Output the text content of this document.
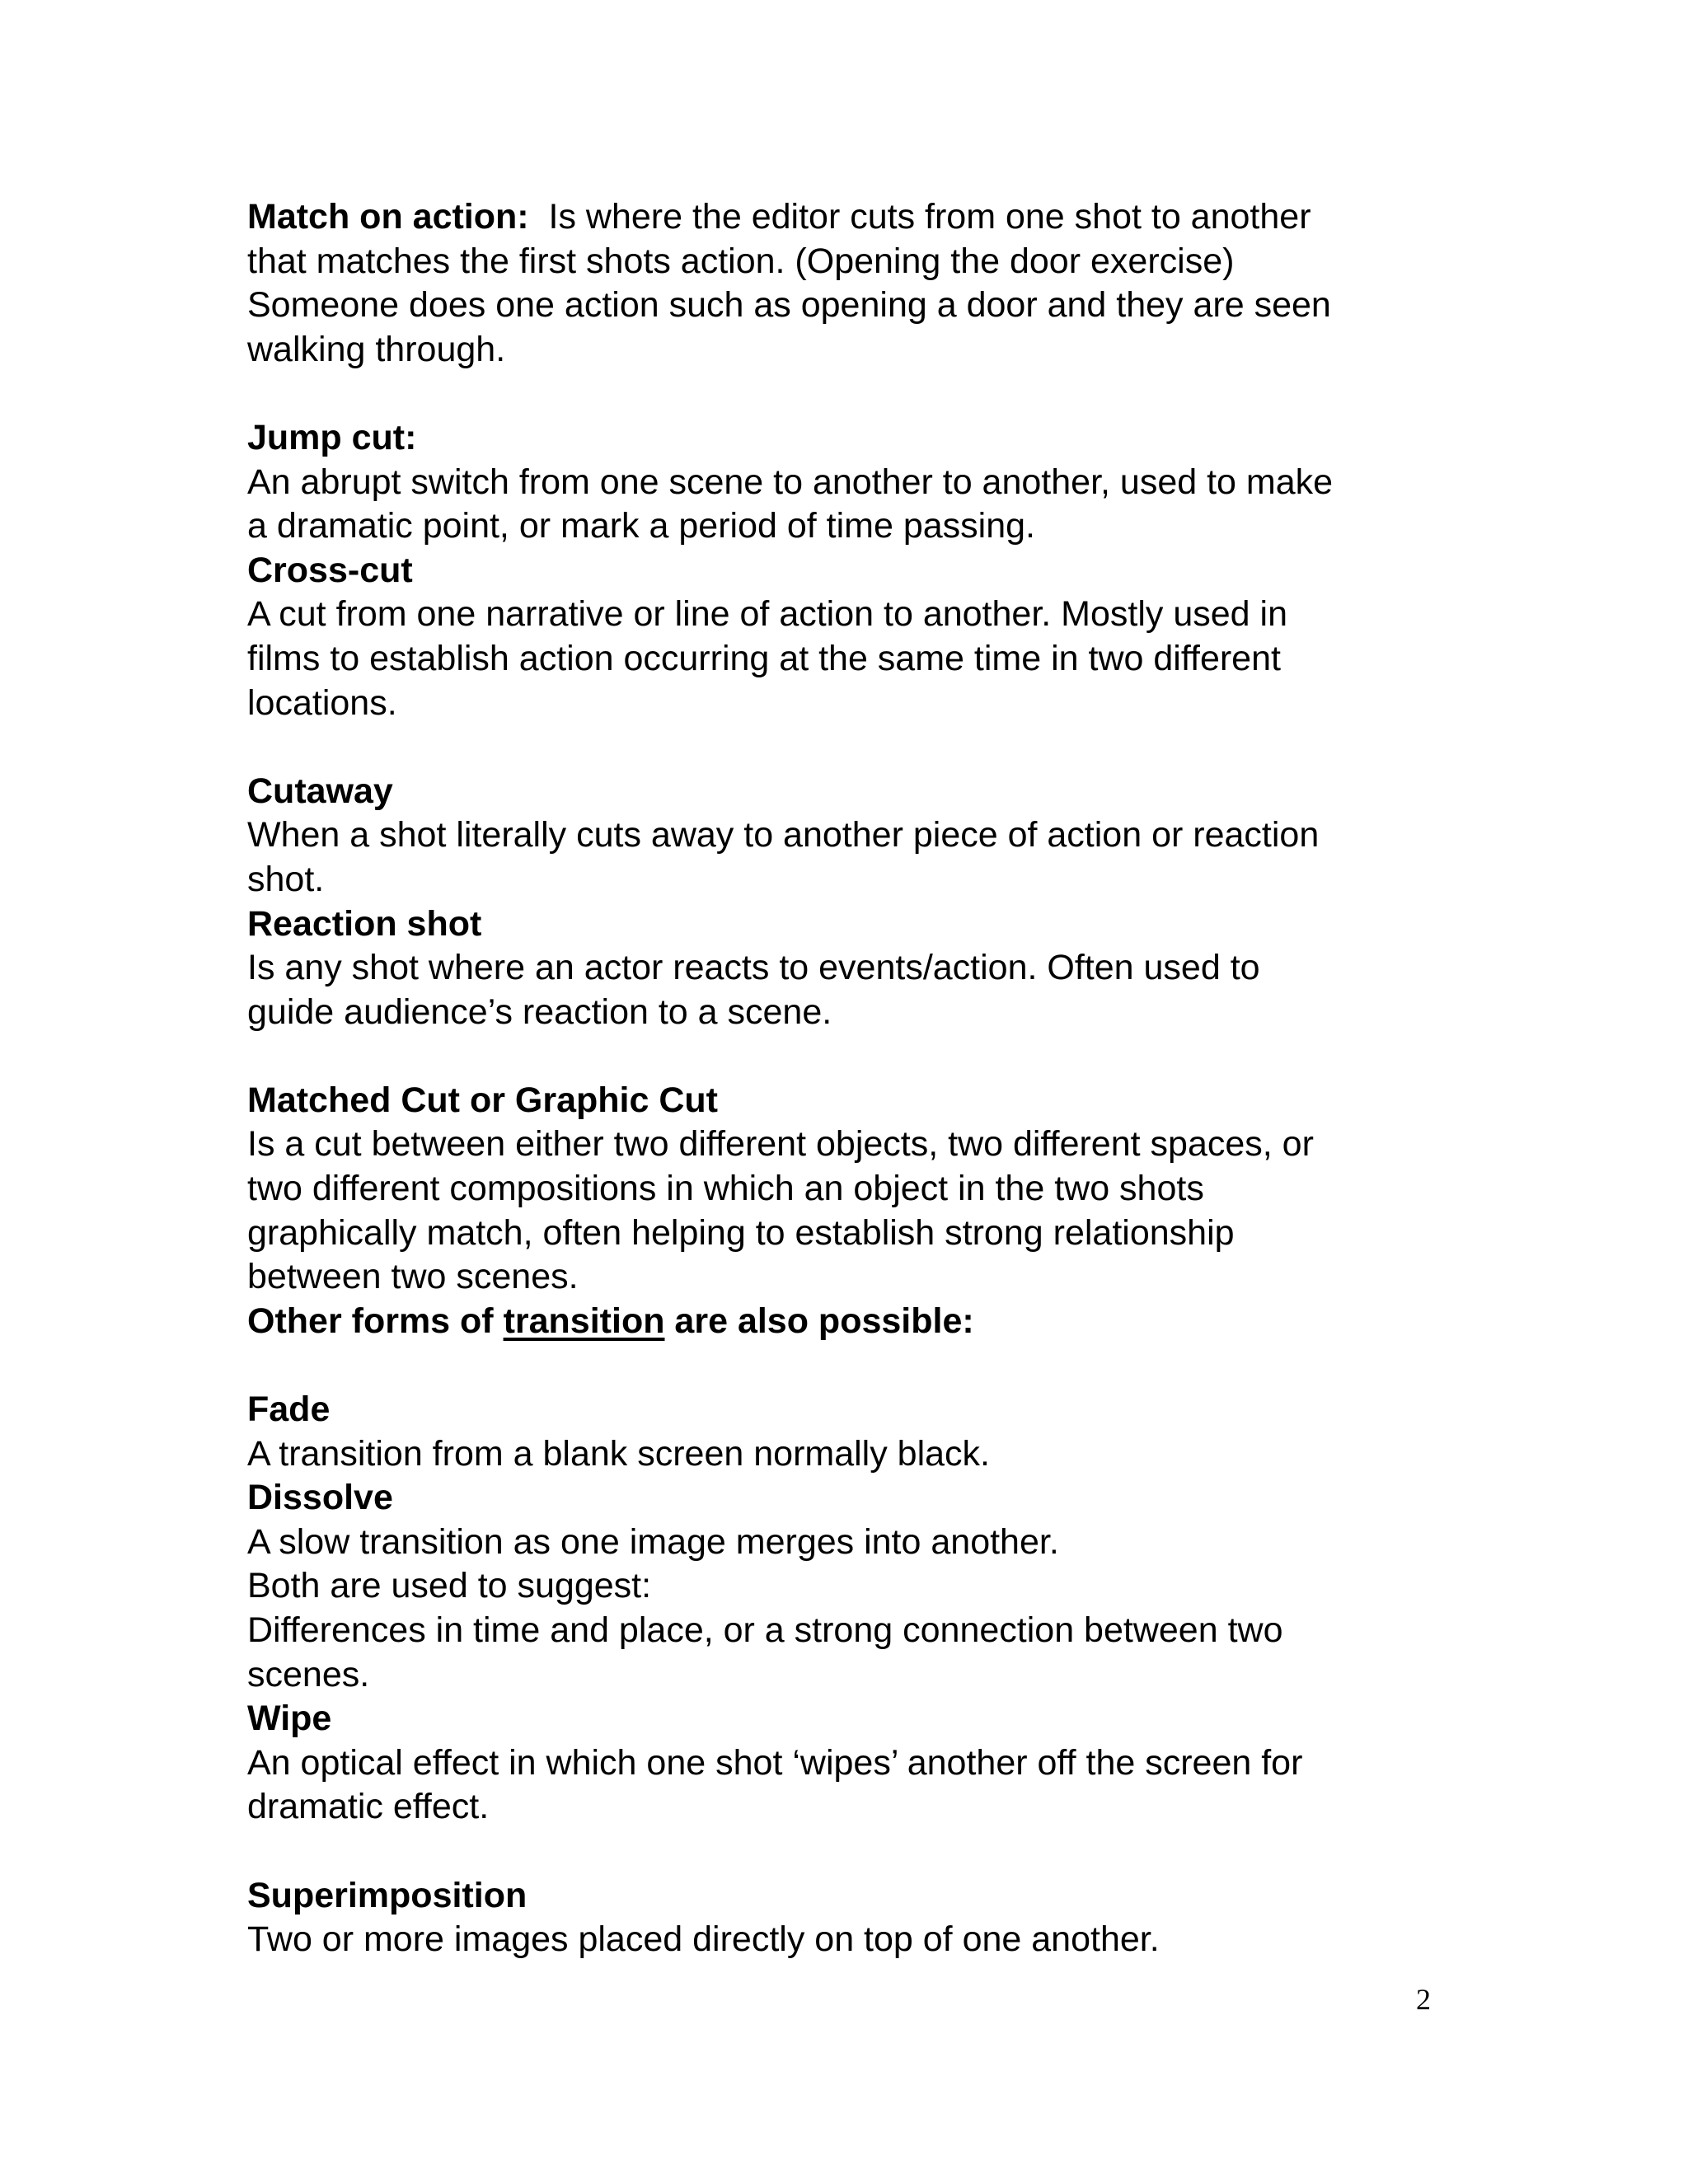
Match on action: Is where the editor cuts from one shot to another
that matches the first shots action. (Opening the door exercise)
Someone does one action such as opening a door and they are seen
walking through.
Jump cut:
An abrupt switch from one scene to another to another, used to make
a dramatic point, or mark a period of time passing.
Cross-cut
A cut from one narrative or line of action to another. Mostly used in
films to establish action occurring at the same time in two different
locations.
Cutaway
When a shot literally cuts away to another piece of action or reaction
shot.
Reaction shot
Is any shot where an actor reacts to events/action. Often used to
guide audience’s reaction to a scene.
Matched Cut or Graphic Cut
Is a cut between either two different objects, two different spaces, or
two different compositions in which an object in the two shots
graphically match, often helping to establish strong relationship
between two scenes.
Other forms of transition are also possible:
Fade
A transition from a blank screen normally black.
Dissolve
A slow transition as one image merges into another.
Both are used to suggest:
Differences in time and place, or a strong connection between two
scenes.
Wipe
An optical effect in which one shot ‘wipes’ another off the screen for
dramatic effect.
Superimposition
Two or more images placed directly on top of one another.
2
